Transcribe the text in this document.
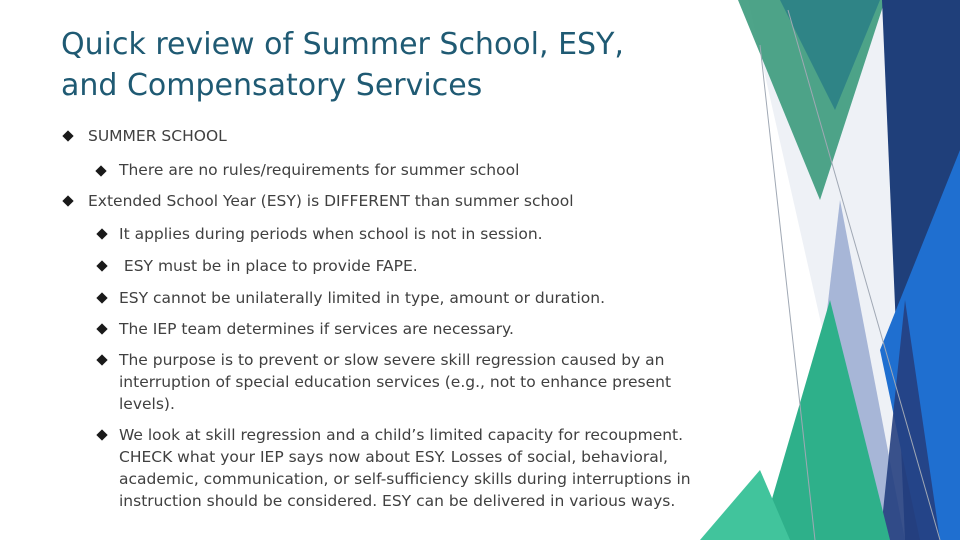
Quick review of Summer School, ESY,
and Compensatory Services
SUMMER SCHOOL
There are no rules/requirements for summer school
Extended School Year (ESY) is DIFFERENT than summer school
It applies during periods when school is not in session.
ESY must be in place to provide FAPE.
ESY cannot be unilaterally limited in type, amount or duration.
The IEP team determines if services are necessary.
The purpose is to prevent or slow severe skill regression caused by an interruption of special education services (e.g., not to enhance present levels).
We look at skill regression and a child’s limited capacity for recoupment. CHECK what your IEP says now about ESY. Losses of social, behavioral, academic, communication, or self-sufficiency skills during interruptions in instruction should be considered. ESY can be delivered in various ways.
